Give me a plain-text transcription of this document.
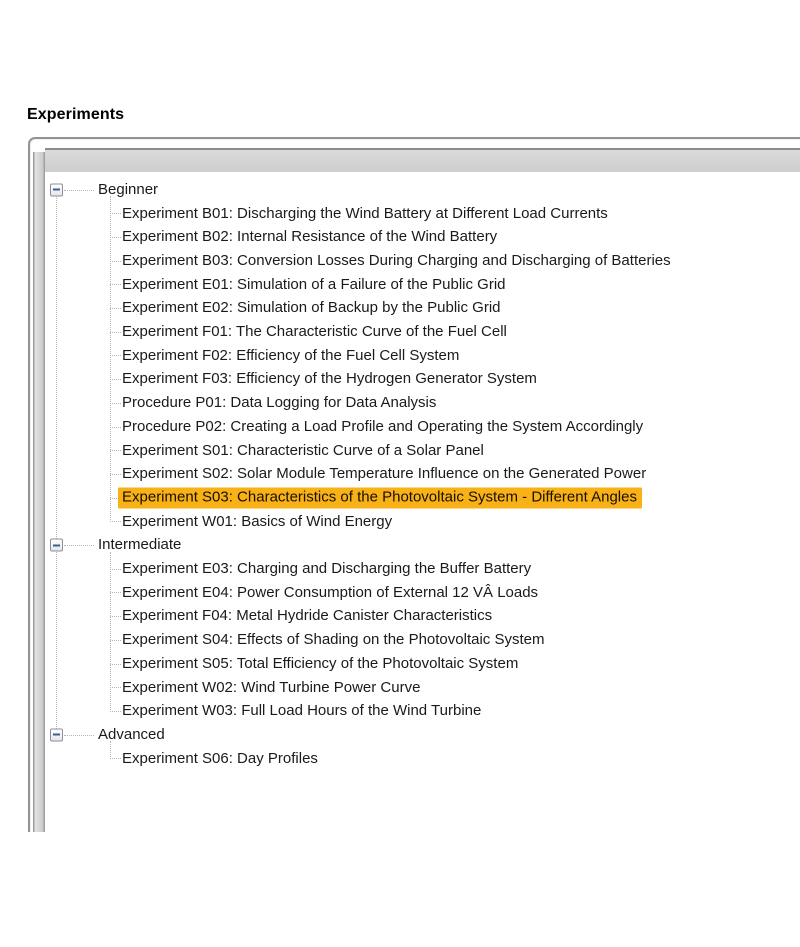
Experiments
Beginner
Experiment B01: Discharging the Wind Battery at Different Load Currents
Experiment B02: Internal Resistance of the Wind Battery
Experiment B03: Conversion Losses During Charging and Discharging of Batteries
Experiment E01: Simulation of a Failure of the Public Grid
Experiment E02: Simulation of Backup by the Public Grid
Experiment F01: The Characteristic Curve of the Fuel Cell
Experiment F02: Efficiency of the Fuel Cell System
Experiment F03: Efficiency of the Hydrogen Generator System
Procedure P01: Data Logging for Data Analysis
Procedure P02: Creating a Load Profile and Operating the System Accordingly
Experiment S01: Characteristic Curve of a Solar Panel
Experiment S02: Solar Module Temperature Influence on the Generated Power
Experiment S03: Characteristics of the Photovoltaic System - Different Angles
Experiment W01: Basics of Wind Energy
Intermediate
Experiment E03: Charging and Discharging the Buffer Battery
Experiment E04: Power Consumption of External 12 VÂ Loads
Experiment F04: Metal Hydride Canister Characteristics
Experiment S04: Effects of Shading on the Photovoltaic System
Experiment S05: Total Efficiency of the Photovoltaic System
Experiment W02: Wind Turbine Power Curve
Experiment W03: Full Load Hours of the Wind Turbine
Advanced
Experiment S06: Day Profiles
